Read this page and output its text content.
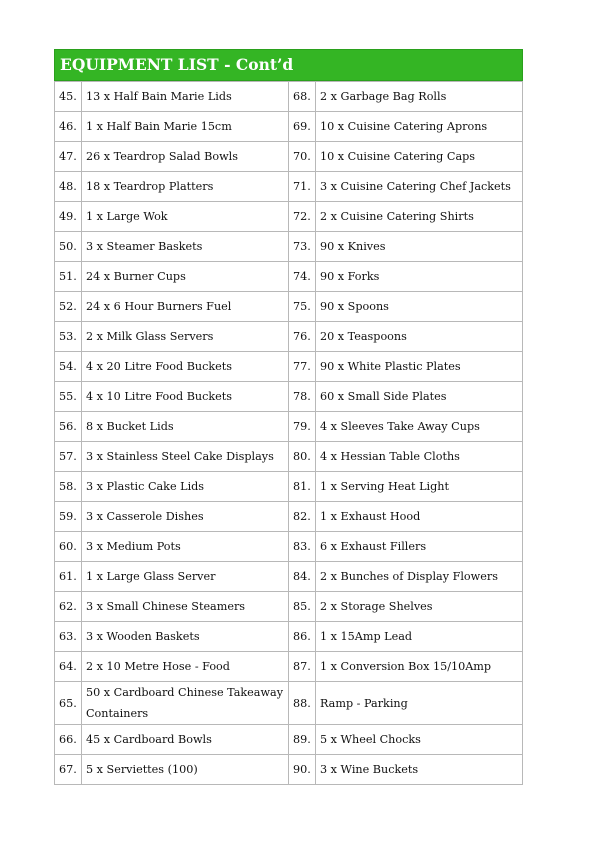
EQUIPMENT LIST - Cont’d
45.	13 x Half Bain Marie Lids	68.	2 x Garbage Bag Rolls
46.	1 x Half Bain Marie 15cm	69.	10 x Cuisine Catering Aprons
47.	26 x Teardrop Salad Bowls	70.	10 x Cuisine Catering Caps
48.	18 x Teardrop Platters	71.	3 x Cuisine Catering Chef Jackets
49.	1 x Large Wok	72.	2 x Cuisine Catering Shirts
50.	3 x Steamer Baskets	73.	90 x Knives
51.	24 x Burner Cups	74.	90 x Forks
52.	24 x 6 Hour Burners Fuel	75.	90 x Spoons
53.	2 x Milk Glass Servers	76.	20 x Teaspoons
54.	4 x 20 Litre Food Buckets	77.	90 x White Plastic Plates
55.	4 x 10 Litre Food Buckets	78.	60 x Small Side Plates
56.	8 x Bucket Lids	79.	4 x Sleeves Take Away Cups
57.	3 x Stainless Steel Cake Displays	80.	4 x Hessian Table Cloths
58.	3 x Plastic Cake Lids	81.	1 x Serving Heat Light
59.	3 x Casserole Dishes	82.	1 x Exhaust Hood
60.	3 x Medium Pots	83.	6 x Exhaust Fillers
61.	1 x Large Glass Server	84.	2 x Bunches of Display Flowers
62.	3 x Small Chinese Steamers	85.	2 x Storage Shelves
63.	3 x Wooden Baskets	86.	1 x 15Amp Lead
64.	2 x 10 Metre Hose - Food	87.	1 x Conversion Box 15/10Amp
65.	50 x Cardboard Chinese Takeaway Containers	88.	Ramp - Parking
66.	45 x Cardboard Bowls	89.	5 x Wheel Chocks
67.	5 x Serviettes (100)	90.	3 x Wine Buckets
